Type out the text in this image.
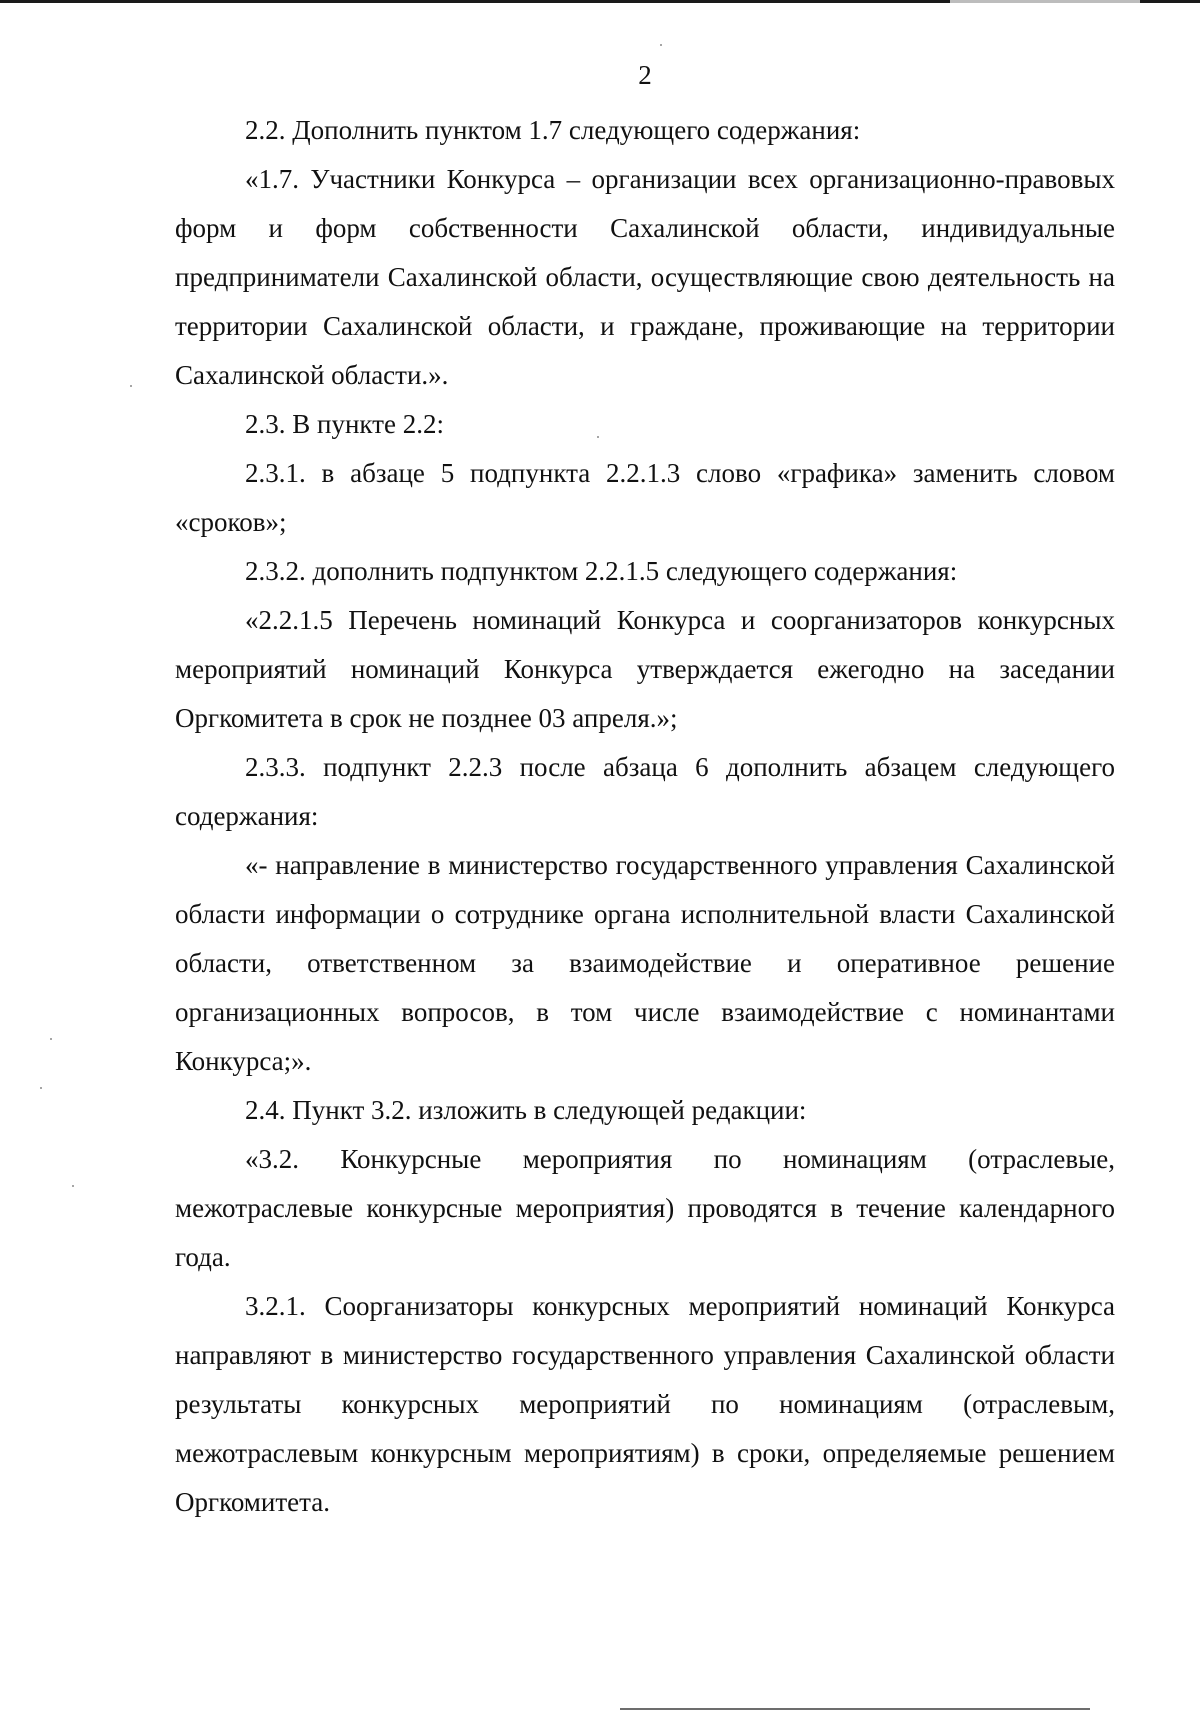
2

2.2. Дополнить пунктом 1.7 следующего содержания:

«1.7. Участники Конкурса – организации всех организационно-правовых форм и форм собственности Сахалинской области, индивидуальные предприниматели Сахалинской области, осуществляющие свою деятельность на территории Сахалинской области, и граждане, проживающие на территории Сахалинской области.».

2.3. В пункте 2.2:

2.3.1. в абзаце 5 подпункта 2.2.1.3 слово «графика» заменить словом «сроков»;

2.3.2. дополнить подпунктом 2.2.1.5 следующего содержания:

«2.2.1.5 Перечень номинаций Конкурса и соорганизаторов конкурсных мероприятий номинаций Конкурса утверждается ежегодно на заседании Оргкомитета в срок не позднее 03 апреля.»;

2.3.3. подпункт 2.2.3 после абзаца 6 дополнить абзацем следующего содержания:

«- направление в министерство государственного управления Сахалинской области информации о сотруднике органа исполнительной власти Сахалинской области, ответственном за взаимодействие и оперативное решение организационных вопросов, в том числе взаимодействие с номинантами Конкурса;».

2.4. Пункт 3.2. изложить в следующей редакции:

«3.2. Конкурсные мероприятия по номинациям (отраслевые, межотраслевые конкурсные мероприятия) проводятся в течение календарного года.

3.2.1. Соорганизаторы конкурсных мероприятий номинаций Конкурса направляют в министерство государственного управления Сахалинской области результаты конкурсных мероприятий по номинациям (отраслевым, межотраслевым конкурсным мероприятиям) в сроки, определяемые решением Оргкомитета.
